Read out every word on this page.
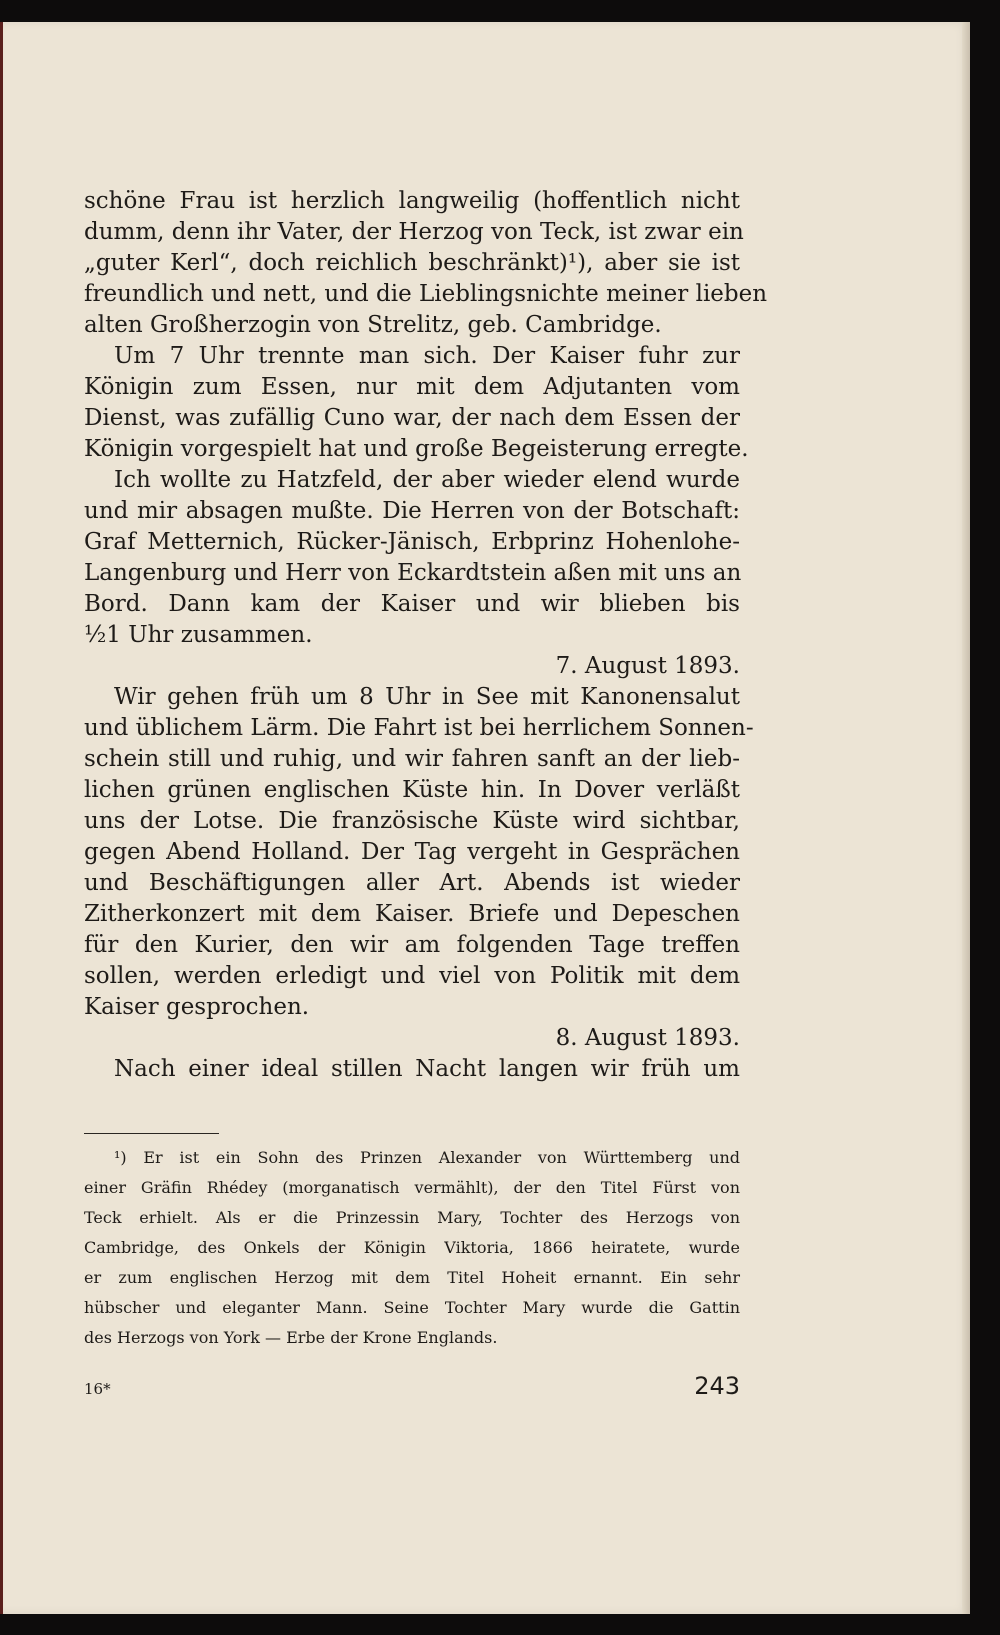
schöne Frau ist herzlich langweilig (hoffentlich nicht
dumm, denn ihr Vater, der Herzog von Teck, ist zwar ein
„guter Kerl“, doch reichlich beschränkt)¹), aber sie ist
freundlich und nett, und die Lieblingsnichte meiner lieben
alten Großherzogin von Strelitz, geb. Cambridge.
Um 7 Uhr trennte man sich. Der Kaiser fuhr zur
Königin zum Essen, nur mit dem Adjutanten vom
Dienst, was zufällig Cuno war, der nach dem Essen der
Königin vorgespielt hat und große Begeisterung erregte.
Ich wollte zu Hatzfeld, der aber wieder elend wurde
und mir absagen mußte. Die Herren von der Botschaft:
Graf Metternich, Rücker-Jänisch, Erbprinz Hohenlohe-
Langenburg und Herr von Eckardtstein aßen mit uns an
Bord. Dann kam der Kaiser und wir blieben bis
½1 Uhr zusammen.
7. August 1893.
Wir gehen früh um 8 Uhr in See mit Kanonensalut
und üblichem Lärm. Die Fahrt ist bei herrlichem Sonnen-
schein still und ruhig, und wir fahren sanft an der lieb-
lichen grünen englischen Küste hin. In Dover verläßt
uns der Lotse. Die französische Küste wird sichtbar,
gegen Abend Holland. Der Tag vergeht in Gesprächen
und Beschäftigungen aller Art. Abends ist wieder
Zitherkonzert mit dem Kaiser. Briefe und Depeschen
für den Kurier, den wir am folgenden Tage treffen
sollen, werden erledigt und viel von Politik mit dem
Kaiser gesprochen.
8. August 1893.
Nach einer ideal stillen Nacht langen wir früh um
¹) Er ist ein Sohn des Prinzen Alexander von Württemberg und
einer Gräfin Rhédey (morganatisch vermählt), der den Titel Fürst von
Teck erhielt. Als er die Prinzessin Mary, Tochter des Herzogs von
Cambridge, des Onkels der Königin Viktoria, 1866 heiratete, wurde
er zum englischen Herzog mit dem Titel Hoheit ernannt. Ein sehr
hübscher und eleganter Mann. Seine Tochter Mary wurde die Gattin
des Herzogs von York — Erbe der Krone Englands.
16*	243
